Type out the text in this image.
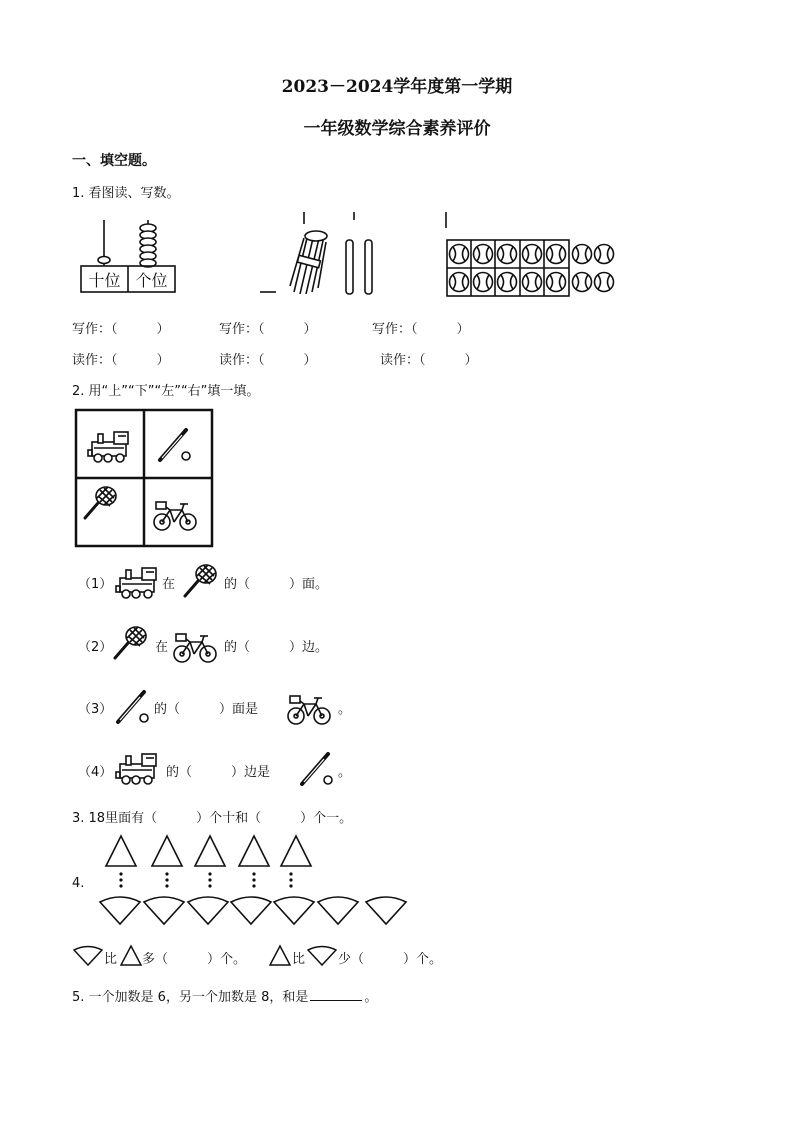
2023－2024学年度第一学期
一年级数学综合素养评价
一、填空题。
1. 看图读、写数。
十位 个位
写作：（　　　）	写作：（　　　）	写作：（　　　）
读作：（　　　）	读作：（　　　）	读作：（　　　）
2. 用“上”“下”“左”“右”填一填。
（1）	在	的（　　　）面。
（2）	在	的（　　　）边。
（3）	的（　　　）面是	。
（4）	的（　　　）边是	。
3. 18里面有（　　　）个十和（　　　）个一。
4.
比 多（　　　）个。	比	少（　　　）个。
5. 一个加数是 6，另一个加数是 8，和是	。
